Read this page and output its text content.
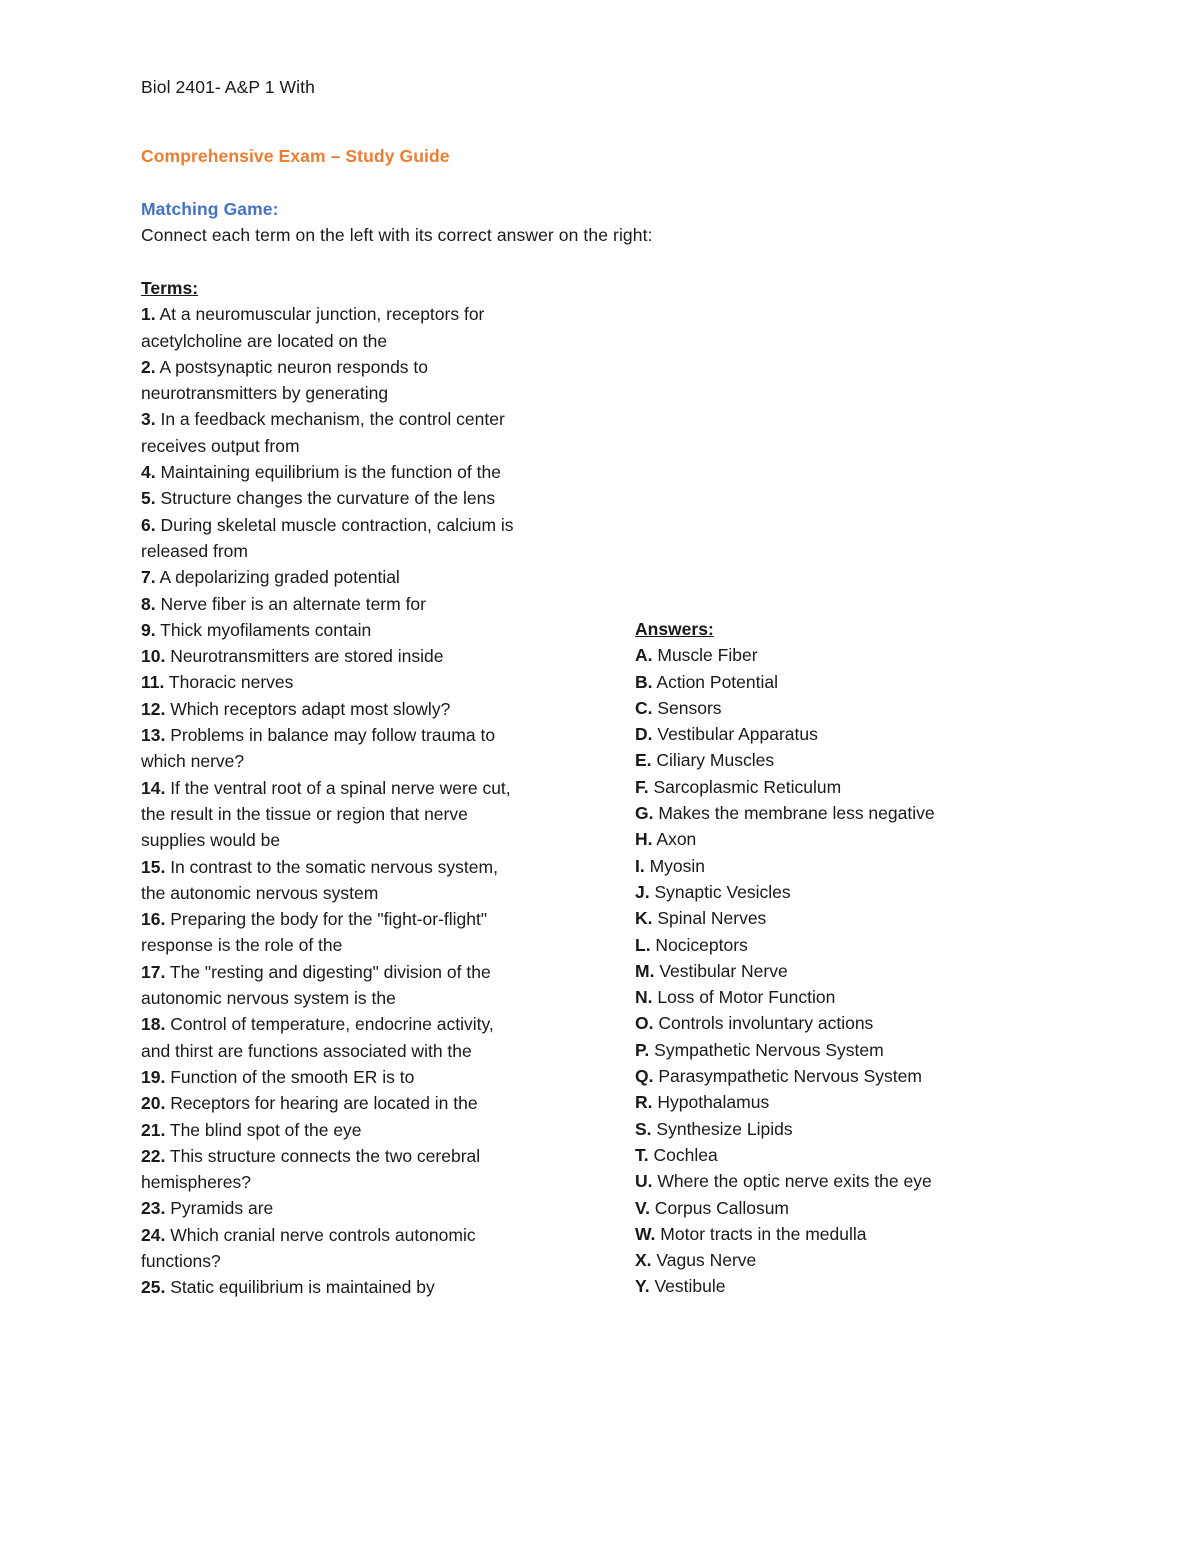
Biol 2401- A&P 1 With
Comprehensive Exam – Study Guide
Matching Game:
Connect each term on the left with its correct answer on the right:
Terms:
1. At a neuromuscular junction, receptors for
acetylcholine are located on the
2. A postsynaptic neuron responds to
neurotransmitters by generating
3. In a feedback mechanism, the control center
receives output from
4. Maintaining equilibrium is the function of the
5. Structure changes the curvature of the lens
6. During skeletal muscle contraction, calcium is
released from
7. A depolarizing graded potential
8. Nerve fiber is an alternate term for
9. Thick myofilaments contain
10. Neurotransmitters are stored inside
11. Thoracic nerves
12. Which receptors adapt most slowly?
13. Problems in balance may follow trauma to
which nerve?
14. If the ventral root of a spinal nerve were cut,
the result in the tissue or region that nerve
supplies would be
15. In contrast to the somatic nervous system,
the autonomic nervous system
16. Preparing the body for the "fight-or-flight"
response is the role of the
17. The "resting and digesting" division of the
autonomic nervous system is the
18. Control of temperature, endocrine activity,
and thirst are functions associated with the
19. Function of the smooth ER is to
20. Receptors for hearing are located in the
21. The blind spot of the eye
22. This structure connects the two cerebral
hemispheres?
23. Pyramids are
24. Which cranial nerve controls autonomic
functions?
25. Static equilibrium is maintained by
Answers:
A. Muscle Fiber
B. Action Potential
C. Sensors
D. Vestibular Apparatus
E. Ciliary Muscles
F. Sarcoplasmic Reticulum
G. Makes the membrane less negative
H. Axon
I. Myosin
J. Synaptic Vesicles
K. Spinal Nerves
L. Nociceptors
M. Vestibular Nerve
N. Loss of Motor Function
O. Controls involuntary actions
P. Sympathetic Nervous System
Q. Parasympathetic Nervous System
R. Hypothalamus
S. Synthesize Lipids
T. Cochlea
U. Where the optic nerve exits the eye
V. Corpus Callosum
W. Motor tracts in the medulla
X. Vagus Nerve
Y. Vestibule
